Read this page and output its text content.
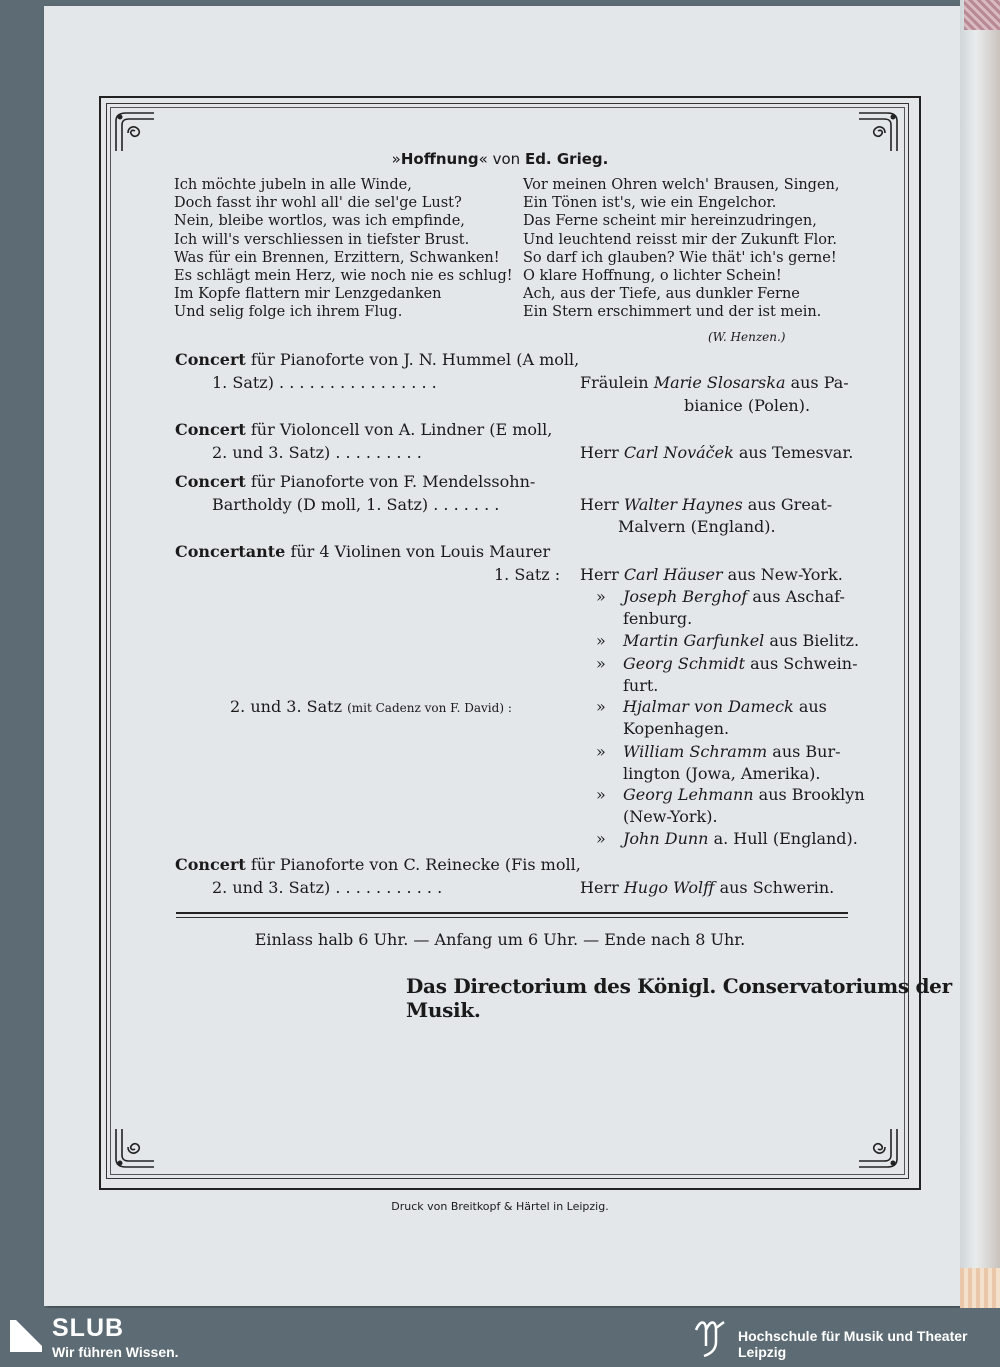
»Hoffnung« von Ed. Grieg.
Ich möchte jubeln in alle Winde,
Doch fasst ihr wohl all' die sel'ge Lust?
Nein, bleibe wortlos, was ich empfinde,
Ich will's verschliessen in tiefster Brust.
Was für ein Brennen, Erzittern, Schwanken!
Es schlägt mein Herz, wie noch nie es schlug!
Im Kopfe flattern mir Lenzgedanken
Und selig folge ich ihrem Flug.
Vor meinen Ohren welch' Brausen, Singen,
Ein Tönen ist's, wie ein Engelchor.
Das Ferne scheint mir hereinzudringen,
Und leuchtend reisst mir der Zukunft Flor.
So darf ich glauben? Wie thät' ich's gerne!
O klare Hoffnung, o lichter Schein!
Ach, aus der Tiefe, aus dunkler Ferne
Ein Stern erschimmert und der ist mein.
(W. Henzen.)
Concert für Pianoforte von J. N. Hummel (A moll,
1. Satz) . . . . . . . . . . . . . . . .	Fräulein Marie Slosarska aus Pa-
bianice (Polen).
Concert für Violoncell von A. Lindner (E moll,
2. und 3. Satz) . . . . . . . . .	Herr Carl Nováček aus Temesvar.
Concert für Pianoforte von F. Mendelssohn-
Bartholdy (D moll, 1. Satz) . . . . . . .	Herr Walter Haynes aus Great-
Malvern (England).
Concertante für 4 Violinen von Louis Maurer
1. Satz : Herr Carl Häuser aus New-York.
» Joseph Berghof aus Aschaf-
fenburg.
» Martin Garfunkel aus Bielitz.
» Georg Schmidt aus Schwein-
furt.
2. und 3. Satz (mit Cadenz von F. David) :	» Hjalmar von Dameck aus
Kopenhagen.
» William Schramm aus Bur-
lington (Jowa, Amerika).
» Georg Lehmann aus Brooklyn
(New-York).
» John Dunn a. Hull (England).
Concert für Pianoforte von C. Reinecke (Fis moll,
2. und 3. Satz) . . . . . . . . . . .	Herr Hugo Wolff aus Schwerin.
Einlass halb 6 Uhr. — Anfang um 6 Uhr. — Ende nach 8 Uhr.
Das Directorium des Königl. Conservatoriums der Musik.
Druck von Breitkopf & Härtel in Leipzig.
SLUB
Wir führen Wissen.
Hochschule für Musik und Theater Leipzig
